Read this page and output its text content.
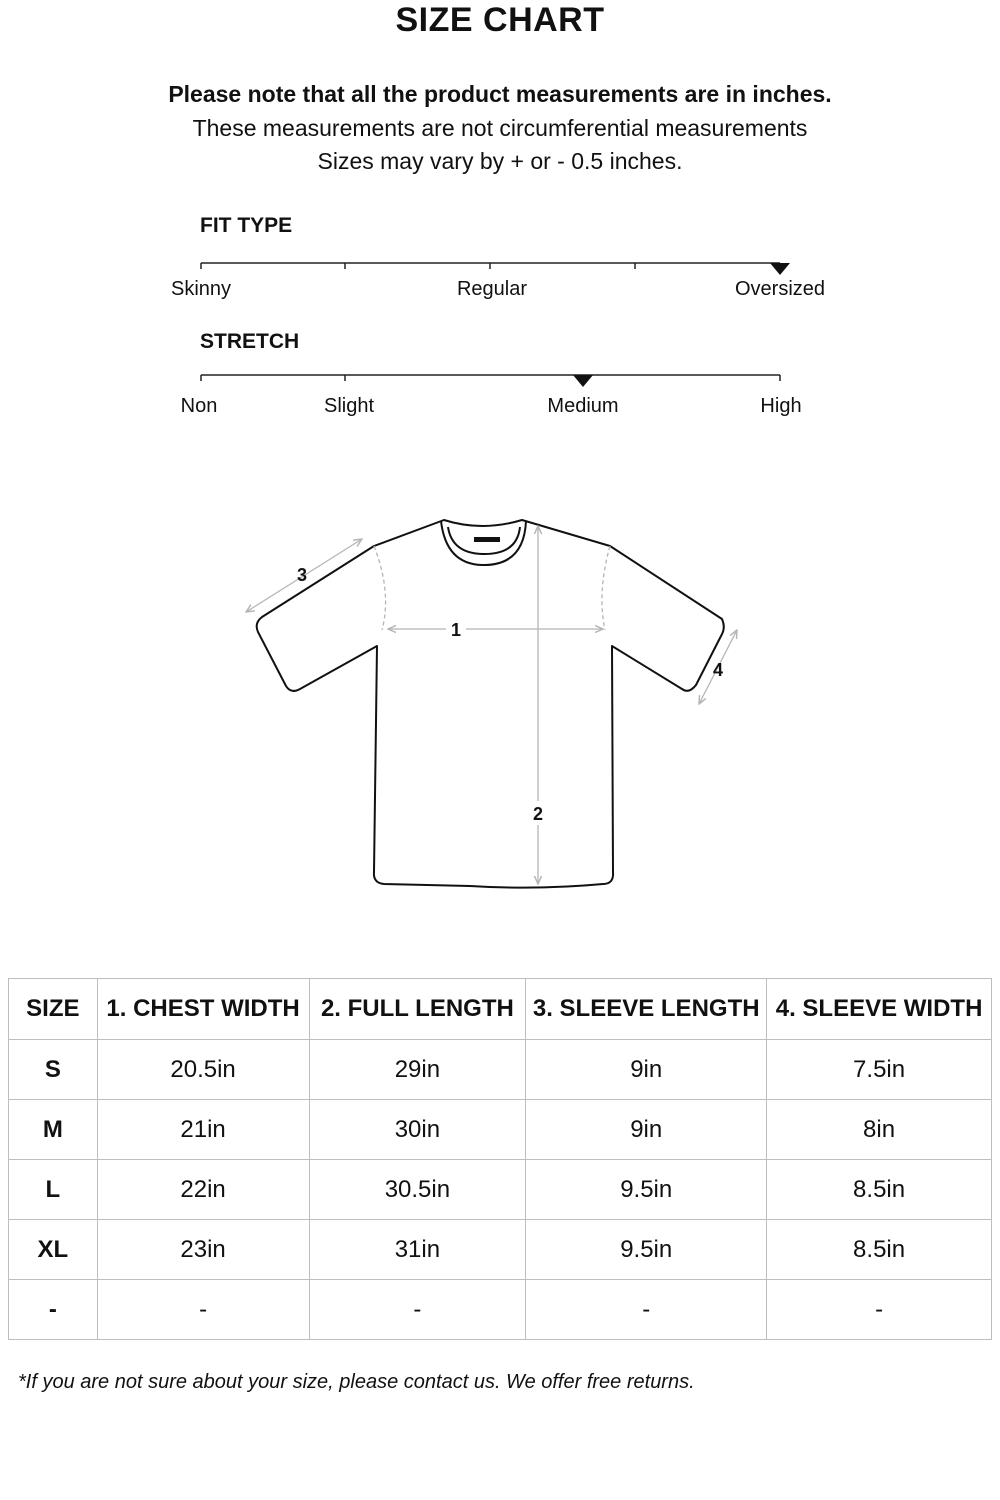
SIZE CHART
Please note that all the product measurements are in inches.
These measurements are not circumferential measurements
Sizes may vary by + or - 0.5 inches.
FIT TYPE
Skinny	Regular	Oversized
STRETCH
Non	Slight	Medium	High
1
2
3
4
SIZE	1. CHEST WIDTH	2. FULL LENGTH	3. SLEEVE LENGTH	4. SLEEVE WIDTH
S	20.5in	29in	9in	7.5in
M	21in	30in	9in	8in
L	22in	30.5in	9.5in	8.5in
XL	23in	31in	9.5in	8.5in
-	-	-	-	-
*If you are not sure about your size, please contact us. We offer free returns.
